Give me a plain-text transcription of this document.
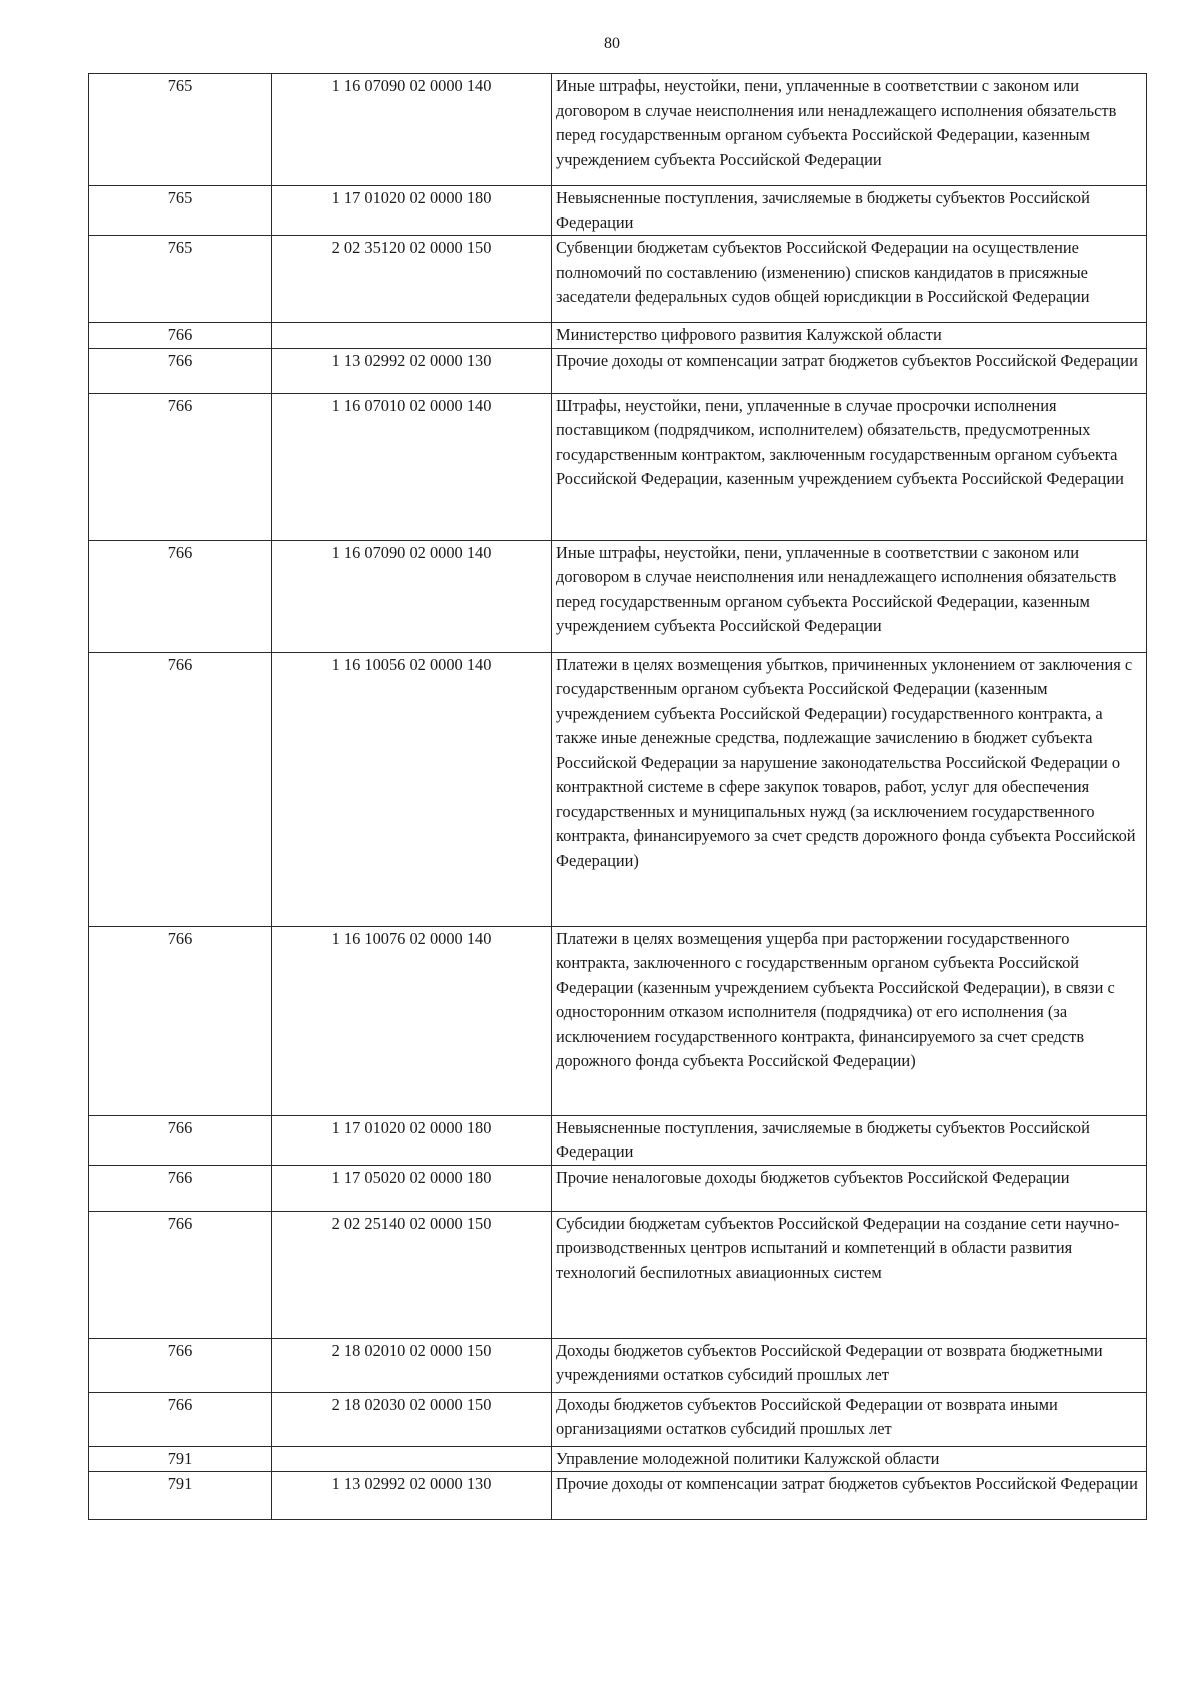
80
765	1 16 07090 02 0000 140	Иные штрафы, неустойки, пени, уплаченные в соответствии с законом или договором в случае неисполнения или ненадлежащего исполнения обязательств перед государственным органом субъекта Российской Федерации, казенным учреждением субъекта Российской Федерации
765	1 17 01020 02 0000 180	Невыясненные поступления, зачисляемые в бюджеты субъектов Российской Федерации
765	2 02 35120 02 0000 150	Субвенции бюджетам субъектов Российской Федерации на осуществление полномочий по составлению (изменению) списков кандидатов в присяжные заседатели федеральных судов общей юрисдикции в Российской Федерации
766		Министерство цифрового развития Калужской области
766	1 13 02992 02 0000 130	Прочие доходы от компенсации затрат бюджетов субъектов Российской Федерации
766	1 16 07010 02 0000 140	Штрафы, неустойки, пени, уплаченные в случае просрочки исполнения поставщиком (подрядчиком, исполнителем) обязательств, предусмотренных государственным контрактом, заключенным государственным органом субъекта Российской Федерации, казенным учреждением субъекта Российской Федерации
766	1 16 07090 02 0000 140	Иные штрафы, неустойки, пени, уплаченные в соответствии с законом или договором в случае неисполнения или ненадлежащего исполнения обязательств перед государственным органом субъекта Российской Федерации, казенным учреждением субъекта Российской Федерации
766	1 16 10056 02 0000 140	Платежи в целях возмещения убытков, причиненных уклонением от заключения с государственным органом субъекта Российской Федерации (казенным учреждением субъекта Российской Федерации) государственного контракта, а также иные денежные средства, подлежащие зачислению в бюджет субъекта Российской Федерации за нарушение законодательства Российской Федерации о контрактной системе в сфере закупок товаров, работ, услуг для обеспечения государственных и муниципальных нужд (за исключением государственного контракта, финансируемого за счет средств дорожного фонда субъекта Российской Федерации)
766	1 16 10076 02 0000 140	Платежи в целях возмещения ущерба при расторжении государственного контракта, заключенного с государственным органом субъекта Российской Федерации (казенным учреждением субъекта Российской Федерации), в связи с односторонним отказом исполнителя (подрядчика) от его исполнения (за исключением государственного контракта, финансируемого за счет средств дорожного фонда субъекта Российской Федерации)
766	1 17 01020 02 0000 180	Невыясненные поступления, зачисляемые в бюджеты субъектов Российской Федерации
766	1 17 05020 02 0000 180	Прочие неналоговые доходы бюджетов субъектов Российской Федерации
766	2 02 25140 02 0000 150	Субсидии бюджетам субъектов Российской Федерации на создание сети научно-производственных центров испытаний и компетенций в области развития технологий беспилотных авиационных систем
766	2 18 02010 02 0000 150	Доходы бюджетов субъектов Российской Федерации от возврата бюджетными учреждениями остатков субсидий прошлых лет
766	2 18 02030 02 0000 150	Доходы бюджетов субъектов Российской Федерации от возврата иными организациями остатков субсидий прошлых лет
791		Управление молодежной политики Калужской области
791	1 13 02992 02 0000 130	Прочие доходы от компенсации затрат бюджетов субъектов Российской Федерации
